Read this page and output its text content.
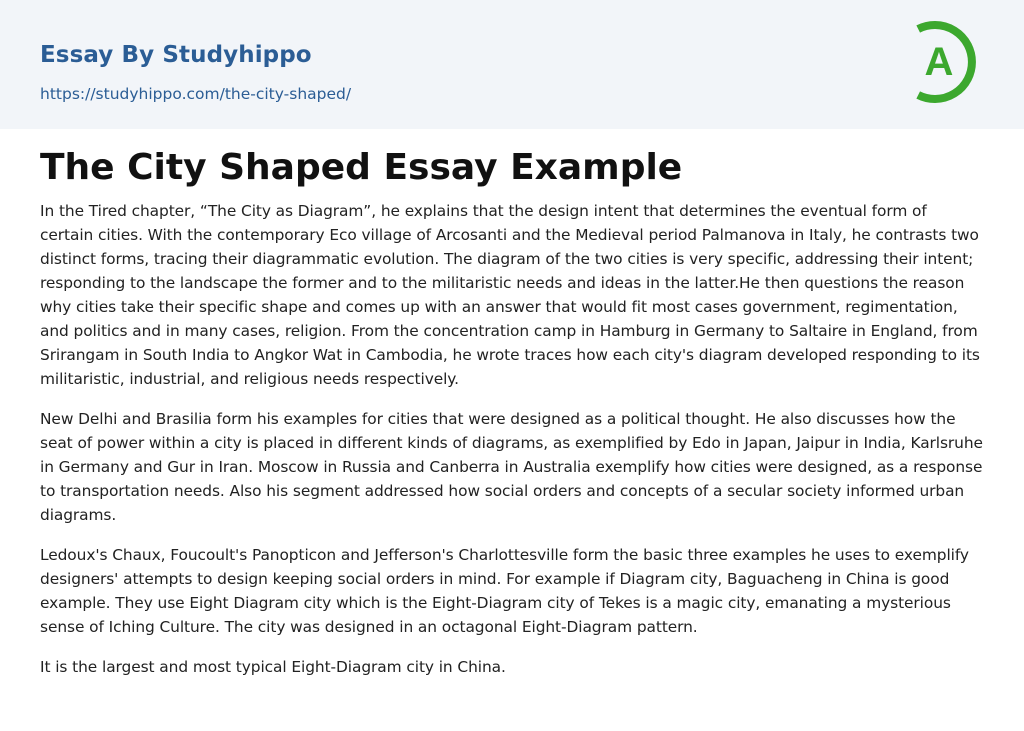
Essay By Studyhippo
https://studyhippo.com/the-city-shaped/
A
The City Shaped Essay Example

In the Tired chapter, “The City as Diagram”, he explains that the design intent that determines the eventual form of certain cities. With the contemporary Eco village of Arcosanti and the Medieval period Palmanova in Italy, he contrasts two distinct forms, tracing their diagrammatic evolution. The diagram of the two cities is very specific, addressing their intent; responding to the landscape the former and to the militaristic needs and ideas in the latter.He then questions the reason why cities take their specific shape and comes up with an answer that would fit most cases government, regimentation, and politics and in many cases, religion. From the concentration camp in Hamburg in Germany to Saltaire in England, from Srirangam in South India to Angkor Wat in Cambodia, he wrote traces how each city's diagram developed responding to its militaristic, industrial, and religious needs respectively.

New Delhi and Brasilia form his examples for cities that were designed as a political thought. He also discusses how the seat of power within a city is placed in different kinds of diagrams, as exemplified by Edo in Japan, Jaipur in India, Karlsruhe in Germany and Gur in Iran. Moscow in Russia and Canberra in Australia exemplify how cities were designed, as a response to transportation needs. Also his segment addressed how social orders and concepts of a secular society informed urban diagrams.

Ledoux's Chaux, Foucoult's Panopticon and Jefferson's Charlottesville form the basic three examples he uses to exemplify designers' attempts to design keeping social orders in mind. For example if Diagram city, Baguacheng in China is good example. They use Eight Diagram city which is the Eight-Diagram city of Tekes is a magic city, emanating a mysterious sense of Iching Culture. The city was designed in an octagonal Eight-Diagram pattern.

It is the largest and most typical Eight-Diagram city in China.
